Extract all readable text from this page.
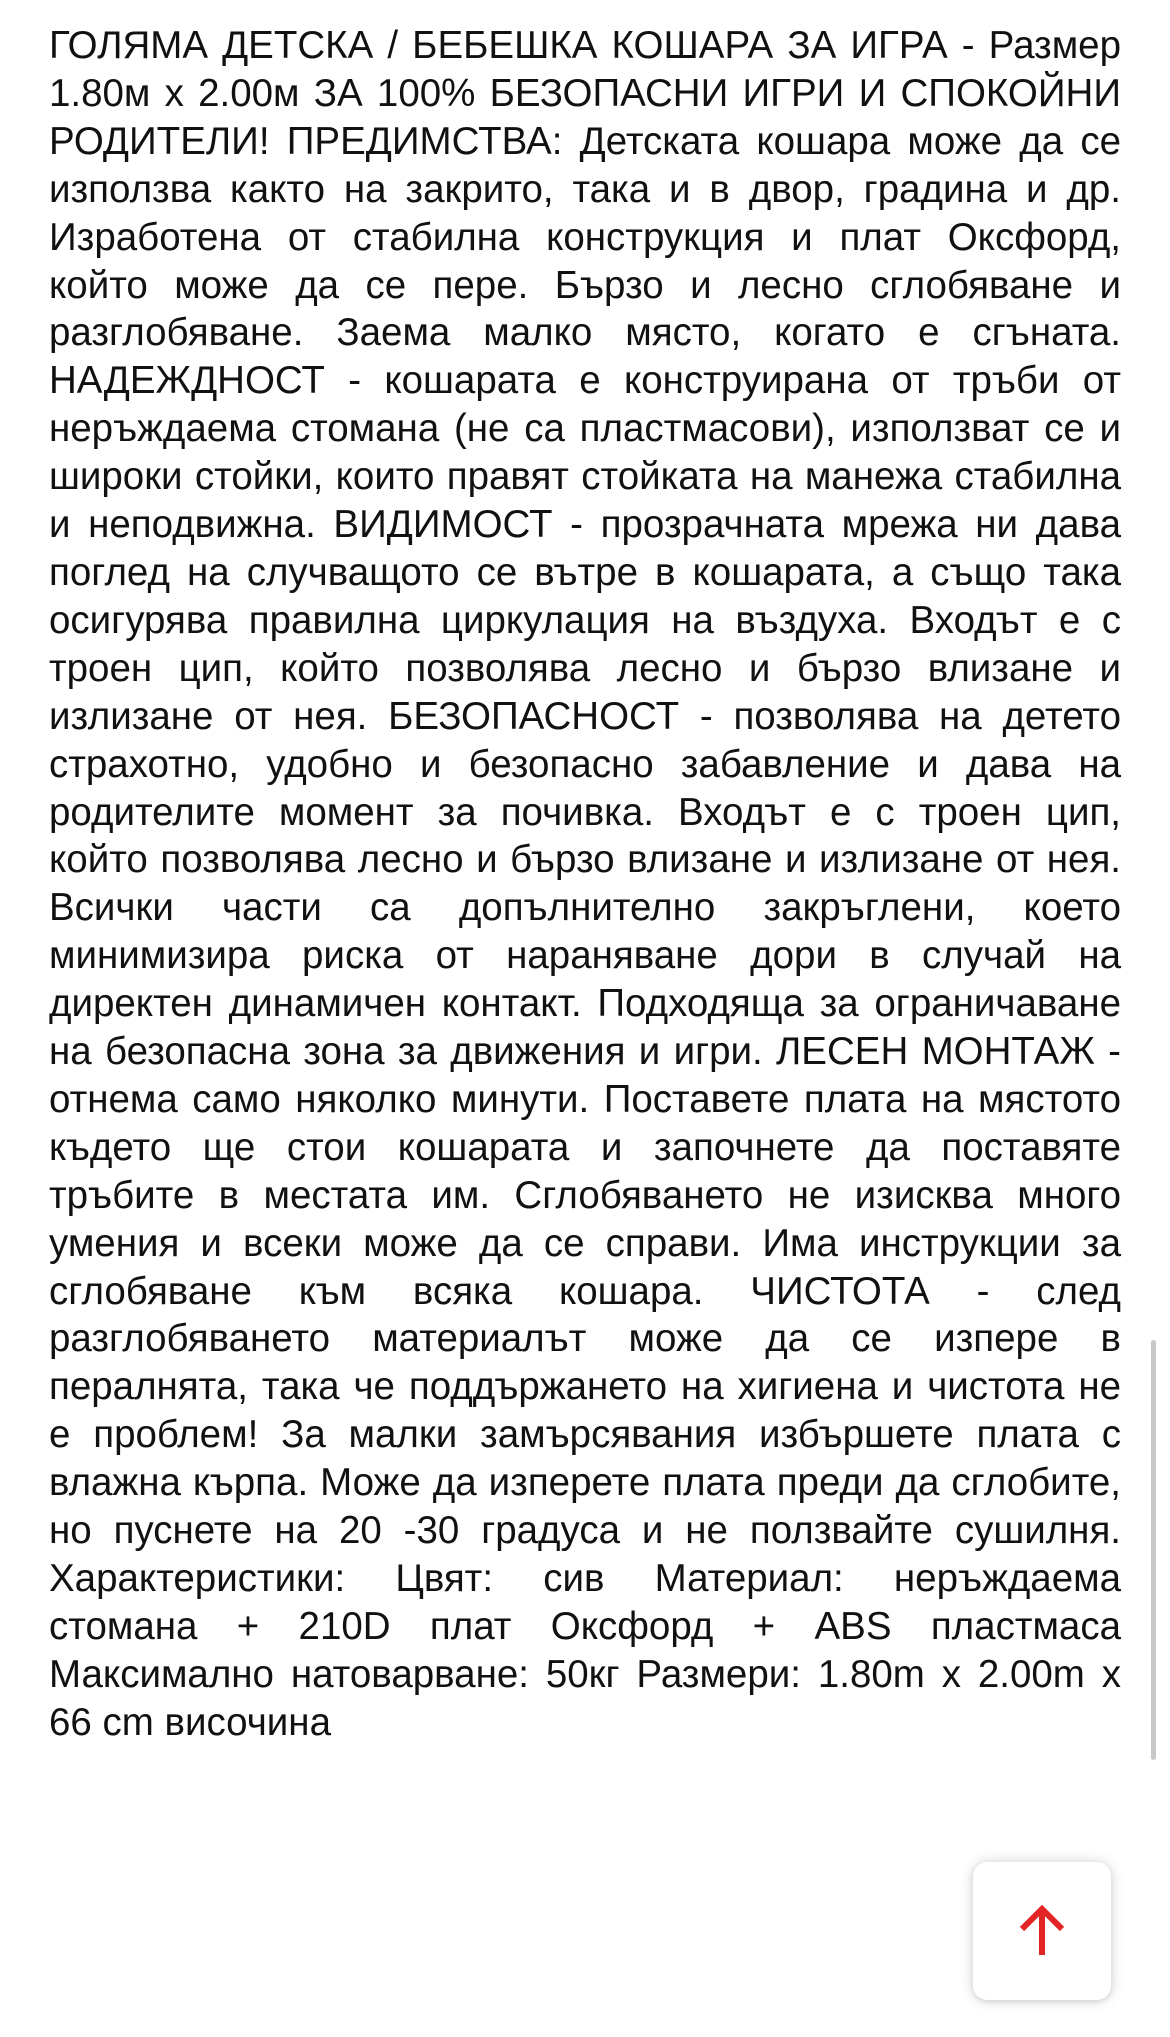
ГОЛЯМА ДЕТСКА / БЕБЕШКА КОШАРА ЗА ИГРА - Размер 1.80м x 2.00м ЗА 100% БЕЗОПАСНИ ИГРИ И СПОКОЙНИ РОДИТЕЛИ! ПРЕДИМСТВА: Детската кошара може да се използва както на закрито, така и в двор, градина и др. Изработена от стабилна конструкция и плат Оксфорд, който може да се пере. Бързо и лесно сглобяване и разглобяване. Заема малко място, когато е сгъната. НАДЕЖДНОСТ - кошарата е конструирана от тръби от неръждаема стомана (не са пластмасови), използват се и широки стойки, които правят стойката на манежа стабилна и неподвижна. ВИДИМОСТ - прозрачната мрежа ни дава поглед на случващото се вътре в кошарата, а също така осигурява правилна циркулация на въздуха. Входът е с троен цип, който позволява лесно и бързо влизане и излизане от нея. БЕЗОПАСНОСТ - позволява на детето страхотно, удобно и безопасно забавление и дава на родителите момент за почивка. Входът е с троен цип, който позволява лесно и бързо влизане и излизане от нея. Всички части са допълнително закръглени, което минимизира риска от нараняване дори в случай на директен динамичен контакт. Подходяща за ограничаване на безопасна зона за движения и игри. ЛЕСЕН МОНТАЖ - отнема само няколко минути. Поставете плата на мястото където ще стои кошарата и започнете да поставяте тръбите в местата им. Сглобяването не изисква много умения и всеки може да се справи. Има инструкции за сглобяване към всяка кошара. ЧИСТОТА - след разглобяването материалът може да се изпере в пералнята, така че поддържането на хигиена и чистота не е проблем! За малки замърсявания избършете плата с влажна кърпа. Може да изперете плата преди да сглобите, но пуснете на 20 -30 градуса и не ползвайте сушилня. Характеристики: Цвят: сив Материал: неръждаема стомана + 210D плат Оксфорд + ABS пластмаса Максимално натоварване: 50кг Размери: 1.80m x 2.00m x 66 cm височина
